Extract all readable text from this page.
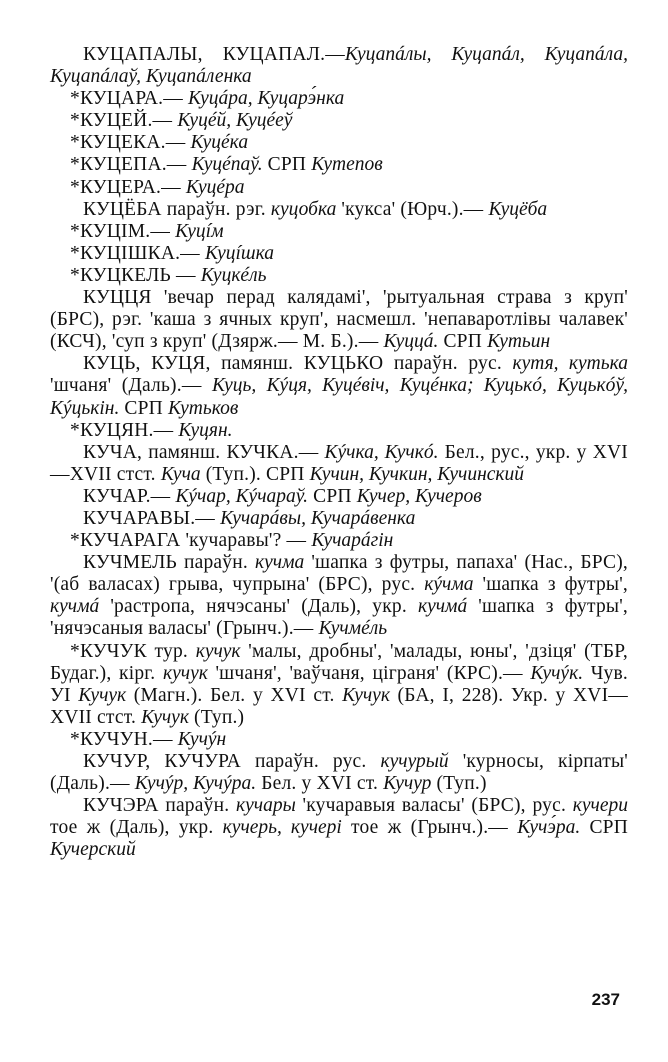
КУЦАПАЛЫ, КУЦАПАЛ.—Куцапáлы, Куцапáл, Куцапáла, Куцапáлаў, Куцапáленка

*КУЦАРА.— Куцáра, Куцарэ́нка

*КУЦЕЙ.— Куцéй, Куцéеў

*КУЦЕКА.— Куцéка

*КУЦЕПА.— Куцéпаў. СРП Кутепов

*КУЦЕРА.— Куцéра

КУЦЁБА параўн. рэг. куцобка 'кукса' (Юрч.).— Куцёба

*КУЦІМ.— Куцíм

*КУЦІШКА.— Куцíшка

*КУЦКЕЛЬ — Куцкéль

КУЦЦЯ 'вечар перад калядамі', 'рытуальная страва з круп' (БРС), рэг. 'каша з ячных круп', насмешл. 'непаваротлівы чалавек' (КСЧ), 'суп з круп' (Дзярж.— М. Б.).— Куццá. СРП Кутьин

КУЦЬ, КУЦЯ, памянш. КУЦЬКО параўн. рус. кутя, кутька 'шчаня' (Даль).— Куць, Кýця, Куцéвіч, Куцéнка; Куцькó, Куцькóў, Кýцькін. СРП Кутьков

*КУЦЯН.— Куцян.

КУЧА, памянш. КУЧКА.— Кýчка, Кучкó. Бел., рус., укр. у XVI—XVII стст. Куча (Туп.). СРП Кучин, Кучкин, Кучинский

КУЧАР.— Кýчар, Кýчараў. СРП Кучер, Кучеров

КУЧАРАВЫ.— Кучарáвы, Кучарáвенка

*КУЧАРАГА 'кучаравы'? — Кучарáгін

КУЧМЕЛЬ параўн. кучма 'шапка з футры, папаха' (Нас., БРС), '(аб валасах) грыва, чупрына' (БРС), рус. кýчма 'шапка з футры', кучмá 'растропа, нячэсаны' (Даль), укр. кучмá 'шапка з футры', 'нячэсаныя валасы' (Грынч.).— Кучмéль

*КУЧУК тур. кучук 'малы, дробны', 'малады, юны', 'дзіця' (ТБР, Будаг.), кірг. кучук 'шчаня', 'ваўчаня, ціграня' (КРС).— Кучýк. Чув. УІ Кучук (Магн.). Бел. у XVI ст. Кучук (БА, І, 228). Укр. у XVI—XVII стст. Кучук (Туп.)

*КУЧУН.— Кучýн

КУЧУР, КУЧУРА параўн. рус. кучурый 'курносы, кірпаты' (Даль).— Кучýр, Кучýра. Бел. у XVI ст. Кучур (Туп.)

КУЧЭРА параўн. кучары 'кучаравыя валасы' (БРС), рус. кучери тое ж (Даль), укр. кучерь, кучері тое ж (Грынч.).— Кучэ́ра. СРП Кучерский

237
